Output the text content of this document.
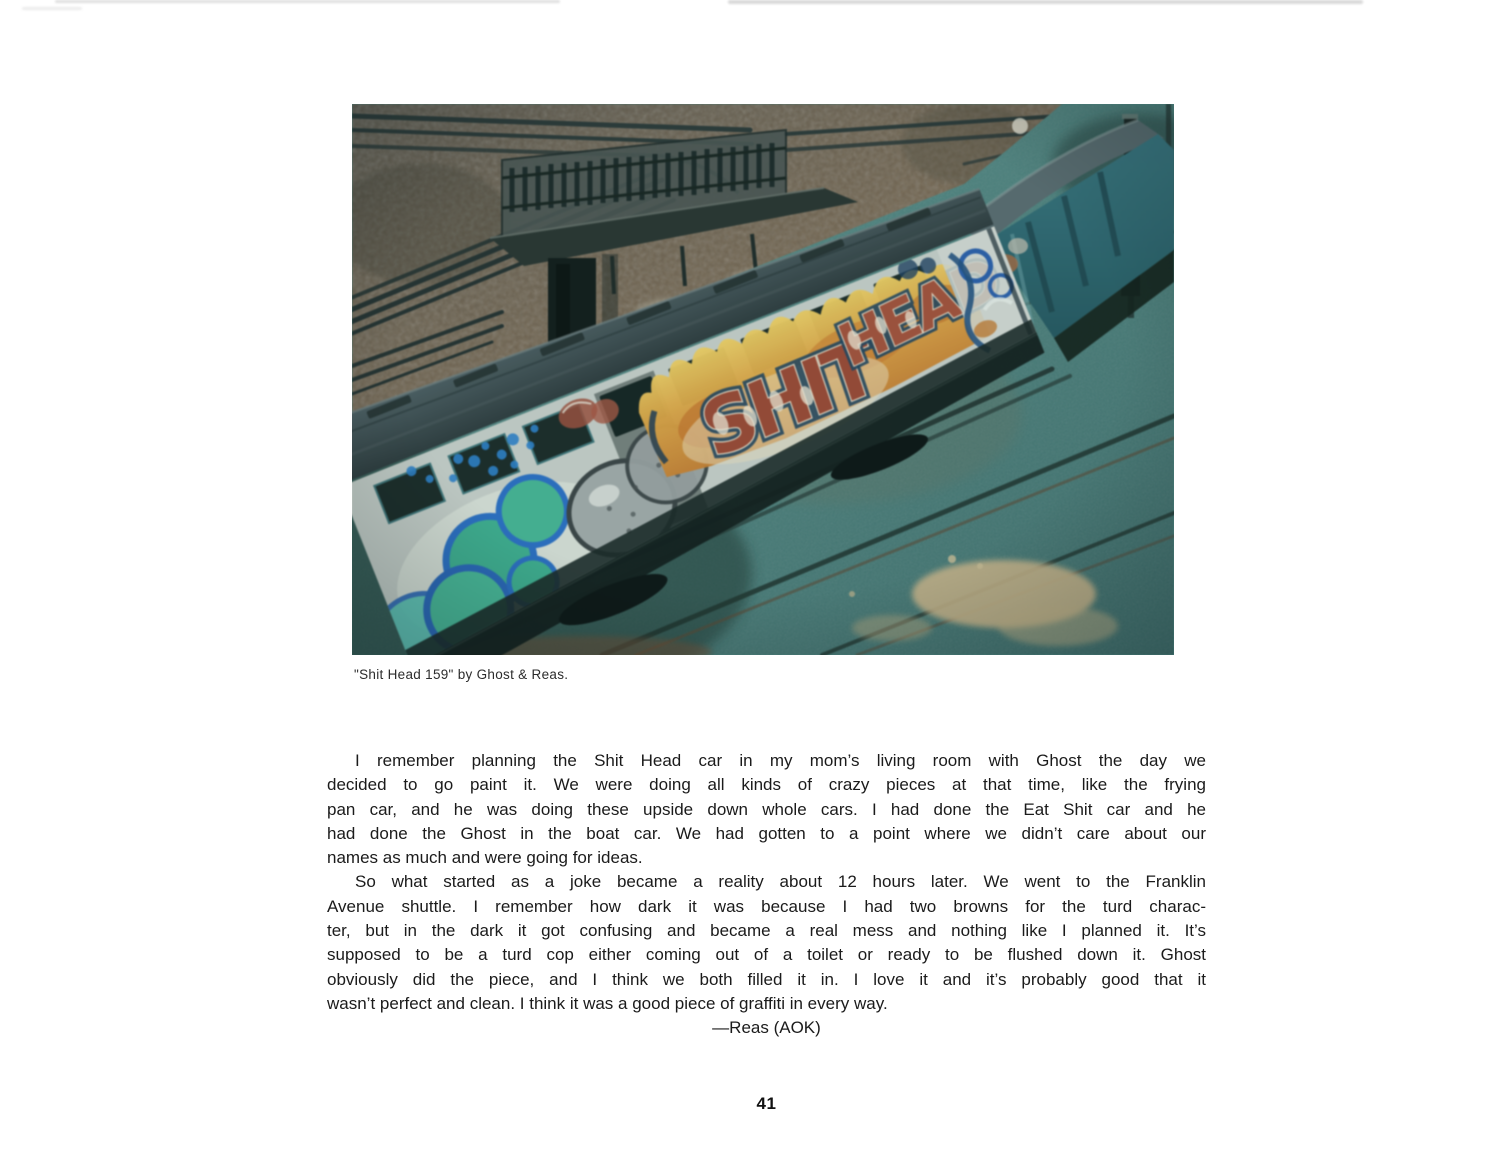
"Shit Head 159" by Ghost & Reas.
I remember planning the Shit Head car in my mom’s living room with Ghost the day we
decided to go paint it. We were doing all kinds of crazy pieces at that time, like the frying
pan car, and he was doing these upside down whole cars. I had done the Eat Shit car and he
had done the Ghost in the boat car. We had gotten to a point where we didn’t care about our
names as much and were going for ideas.
So what started as a joke became a reality about 12 hours later. We went to the Franklin
Avenue shuttle. I remember how dark it was because I had two browns for the turd charac-
ter, but in the dark it got confusing and became a real mess and nothing like I planned it. It’s
supposed to be a turd cop either coming out of a toilet or ready to be flushed down it. Ghost
obviously did the piece, and I think we both filled it in. I love it and it’s probably good that it
wasn’t perfect and clean. I think it was a good piece of graffiti in every way.
—Reas (AOK)
41
